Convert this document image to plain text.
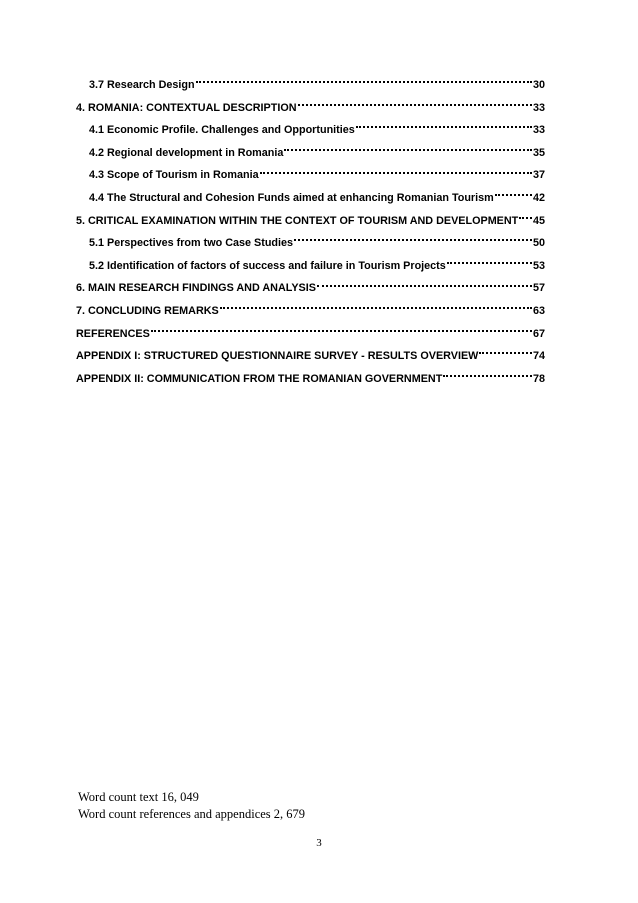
3.7 Research Design	30
4. ROMANIA: CONTEXTUAL DESCRIPTION	33
4.1 Economic Profile. Challenges and Opportunities	33
4.2 Regional development in Romania	35
4.3 Scope of Tourism in Romania	37
4.4 The Structural and Cohesion Funds aimed at enhancing Romanian Tourism	42
5. CRITICAL EXAMINATION WITHIN THE CONTEXT OF TOURISM AND DEVELOPMENT 45
5.1 Perspectives from two Case Studies	50
5.2 Identification of factors of success and failure in Tourism Projects	53
6. MAIN RESEARCH FINDINGS AND ANALYSIS	57
7. CONCLUDING REMARKS	63
REFERENCES	67
APPENDIX I: STRUCTURED QUESTIONNAIRE SURVEY - RESULTS OVERVIEW	74
APPENDIX II: COMMUNICATION FROM THE ROMANIAN GOVERNMENT	78
Word count text 16, 049
Word count references and appendices 2, 679
3
